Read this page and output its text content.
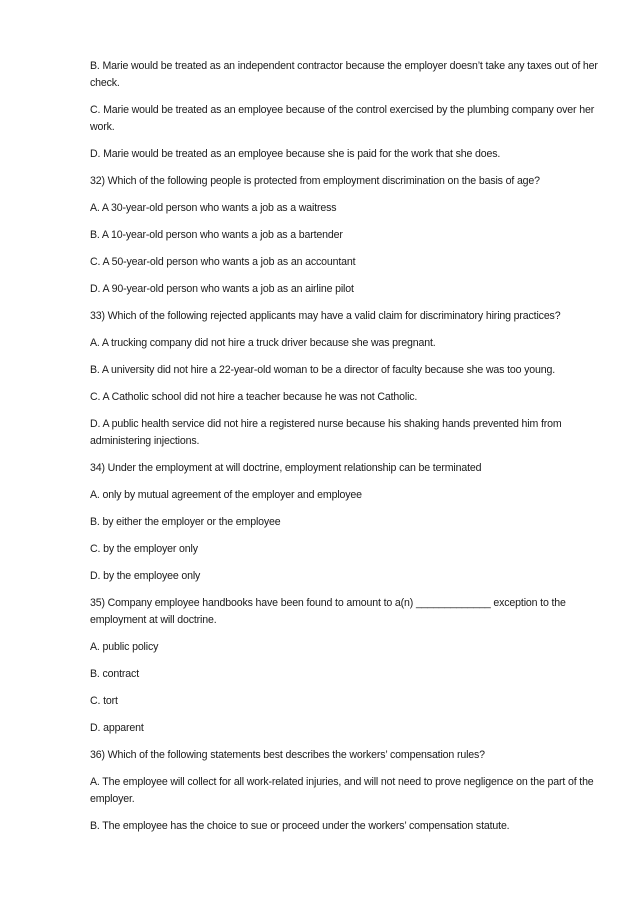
B. Marie would be treated as an independent contractor because the employer doesn’t take any taxes out of her check.

C. Marie would be treated as an employee because of the control exercised by the plumbing company over her work.

D. Marie would be treated as an employee because she is paid for the work that she does.

32) Which of the following people is protected from employment discrimination on the basis of age?

A. A 30-year-old person who wants a job as a waitress

B. A 10-year-old person who wants a job as a bartender

C. A 50-year-old person who wants a job as an accountant

D. A 90-year-old person who wants a job as an airline pilot

33) Which of the following rejected applicants may have a valid claim for discriminatory hiring practices?

A. A trucking company did not hire a truck driver because she was pregnant.

B. A university did not hire a 22-year-old woman to be a director of faculty because she was too young.

C. A Catholic school did not hire a teacher because he was not Catholic.

D. A public health service did not hire a registered nurse because his shaking hands prevented him from administering injections.

34) Under the employment at will doctrine, employment relationship can be terminated

A. only by mutual agreement of the employer and employee

B. by either the employer or the employee

C. by the employer only

D. by the employee only

35) Company employee handbooks have been found to amount to a(n) _____________ exception to the employment at will doctrine.

A. public policy

B. contract

C. tort

D. apparent

36) Which of the following statements best describes the workers’ compensation rules?

A. The employee will collect for all work-related injuries, and will not need to prove negligence on the part of the employer.

B. The employee has the choice to sue or proceed under the workers’ compensation statute.
